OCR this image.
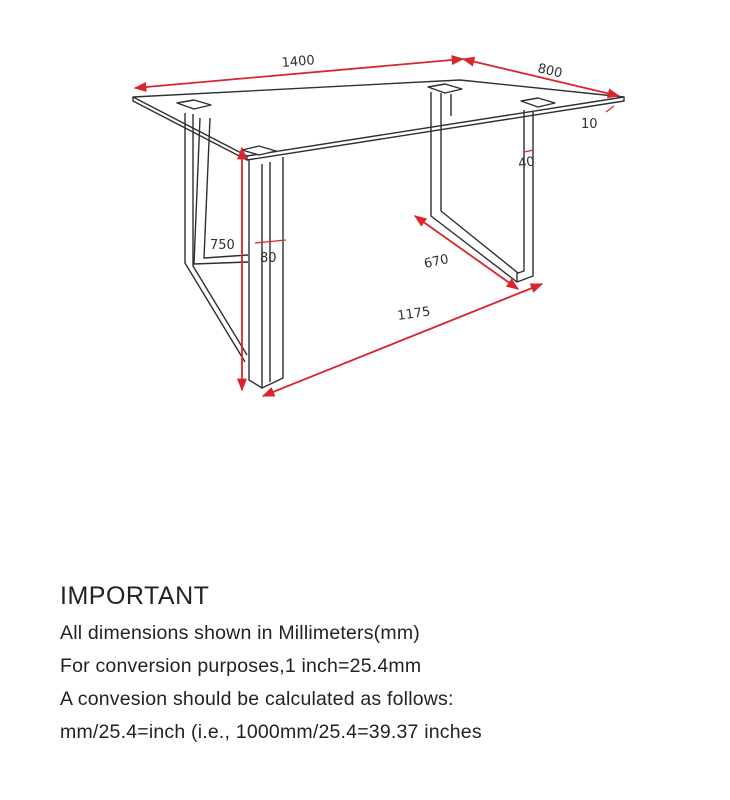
1400	800
10
750
80
40
670
1175

IMPORTANT

All dimensions shown in Millimeters(mm)

For conversion purposes,1 inch=25.4mm

A convesion should be calculated as follows:

mm/25.4=inch (i.e., 1000mm/25.4=39.37 inches
